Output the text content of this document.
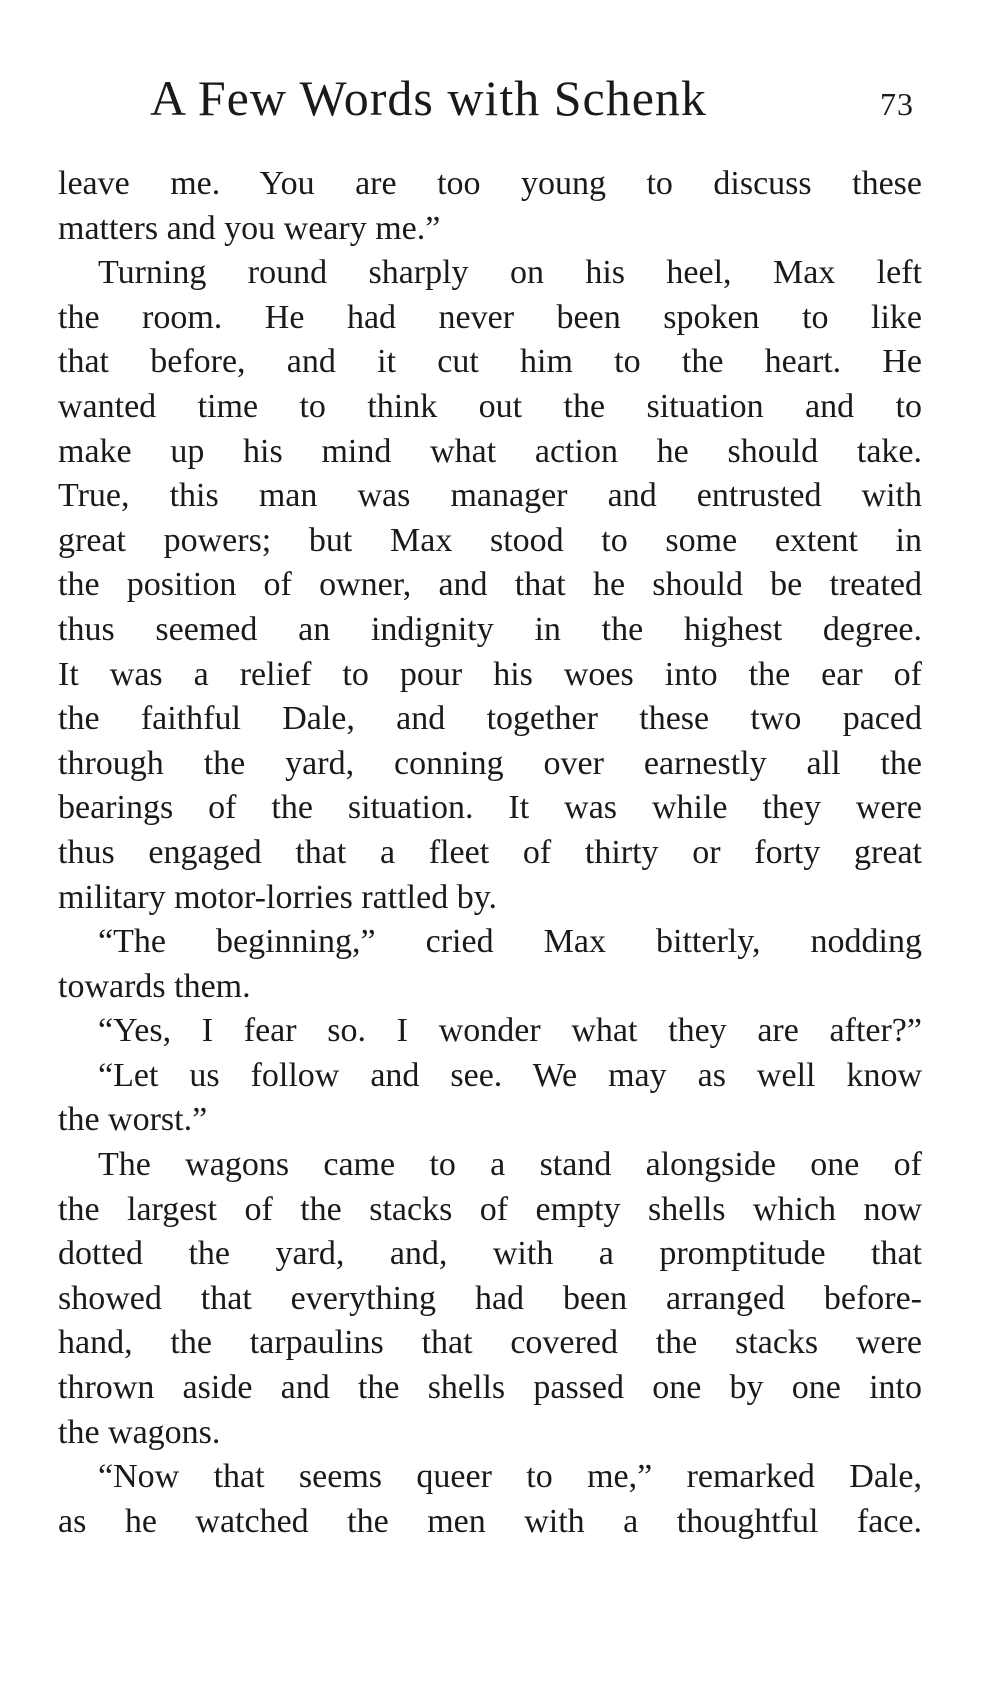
A Few Words with Schenk	73
leave me. You are too young to discuss these
matters and you weary me.”
Turning round sharply on his heel, Max left
the room. He had never been spoken to like
that before, and it cut him to the heart. He
wanted time to think out the situation and to
make up his mind what action he should take.
True, this man was manager and entrusted with
great powers; but Max stood to some extent in
the position of owner, and that he should be treated
thus seemed an indignity in the highest degree.
It was a relief to pour his woes into the ear of
the faithful Dale, and together these two paced
through the yard, conning over earnestly all the
bearings of the situation. It was while they were
thus engaged that a fleet of thirty or forty great
military motor-lorries rattled by.
“The beginning,” cried Max bitterly, nodding
towards them.
“Yes, I fear so. I wonder what they are after?”
“Let us follow and see. We may as well know
the worst.”
The wagons came to a stand alongside one of
the largest of the stacks of empty shells which now
dotted the yard, and, with a promptitude that
showed that everything had been arranged before-
hand, the tarpaulins that covered the stacks were
thrown aside and the shells passed one by one into
the wagons.
“Now that seems queer to me,” remarked Dale,
as he watched the men with a thoughtful face.
